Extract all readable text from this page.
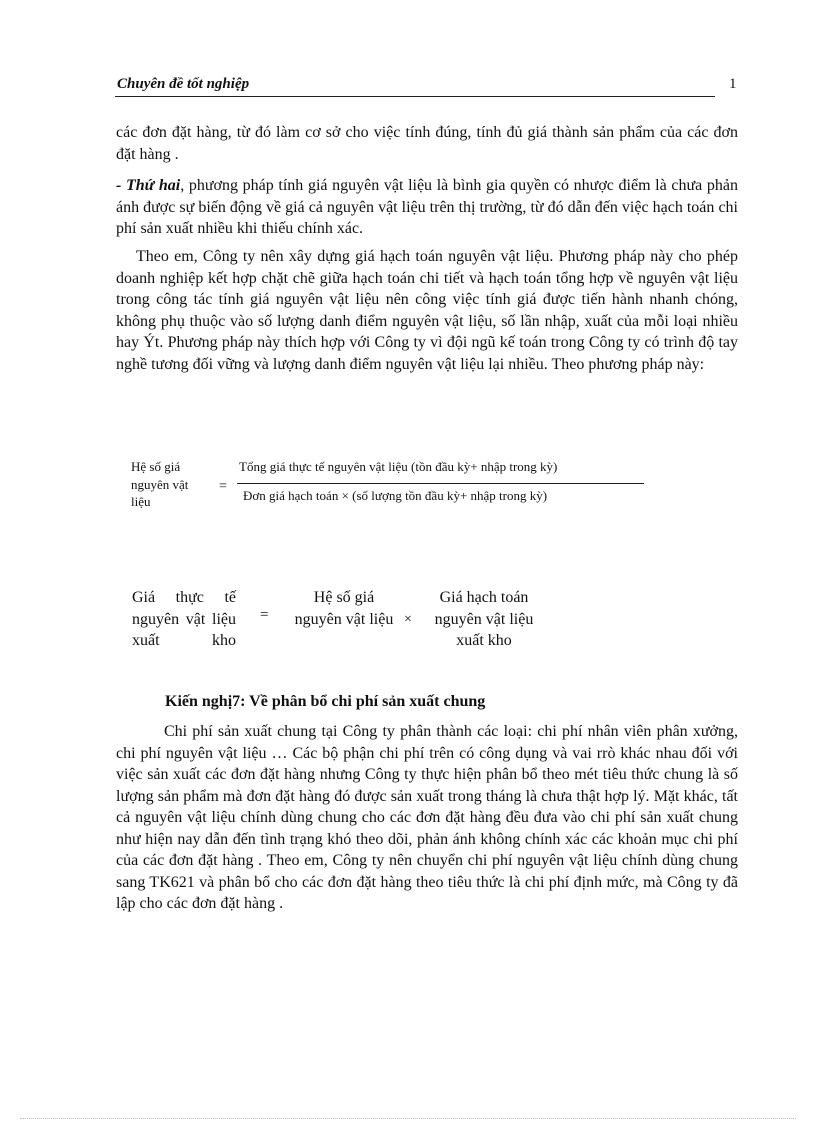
Chuyên đề tốt nghiệp	1

các đơn đặt hàng, từ đó làm cơ sở cho việc tính đúng, tính đủ giá thành sản phẩm của các đơn đặt hàng .

- Thứ hai, phương pháp tính giá nguyên vật liệu là bình gia quyền có nhược điểm là chưa phản ánh được sự biến động về giá cả nguyên vật liệu trên thị trường, từ đó dẫn đến việc hạch toán chi phí sản xuất nhiều khi thiếu chính xác.

Theo em, Công ty nên xây dựng giá hạch toán nguyên vật liệu. Phương pháp này cho phép doanh nghiệp kết hợp chặt chẽ giữa hạch toán chi tiết và hạch toán tổng hợp về nguyên vật liệu trong công tác tính giá nguyên vật liệu nên công việc tính giá được tiến hành nhanh chóng, không phụ thuộc vào số lượng danh điểm nguyên vật liệu, số lần nhập, xuất của mỗi loại nhiều hay Ýt. Phương pháp này thích hợp với Công ty vì đội ngũ kế toán trong Công ty có trình độ tay nghề tương đối vững và lượng danh điểm nguyên vật liệu lại nhiều. Theo phương pháp này:

Hệ số giá nguyên vật liệu
=
Tổng giá thực tế nguyên vật liệu (tồn đầu kỳ+ nhập trong kỳ)
Đơn giá hạch toán × (số lượng tồn đầu kỳ+ nhập trong kỳ)
Giá thực tế nguyên vật liệu xuất kho
=
Hệ số giá nguyên vật liệu ×
Giá hạch toán nguyên vật liệu xuất kho
Kiến nghị7: Về phân bổ chi phí sản xuất chung

Chi phí sản xuất chung tại Công ty phân thành các loại: chi phí nhân viên phân xưởng, chi phí nguyên vật liệu … Các bộ phận chi phí trên có công dụng và vai rrò khác nhau đối với việc sản xuất các đơn đặt hàng nhưng Công ty thực hiện phân bổ theo mét tiêu thức chung là số lượng sản phẩm mà đơn đặt hàng đó được sản xuất trong tháng là chưa thật hợp lý. Mặt khác, tất cả nguyên vật liệu chính dùng chung cho các đơn đặt hàng đều đưa vào chi phí sản xuất chung như hiện nay dẫn đến tình trạng khó theo dõi, phản ánh không chính xác các khoản mục chi phí của các đơn đặt hàng . Theo em, Công ty nên chuyển chi phí nguyên vật liệu chính dùng chung sang TK621 và phân bổ cho các đơn đặt hàng theo tiêu thức là chi phí định mức, mà Công ty đã lập cho các đơn đặt hàng .
